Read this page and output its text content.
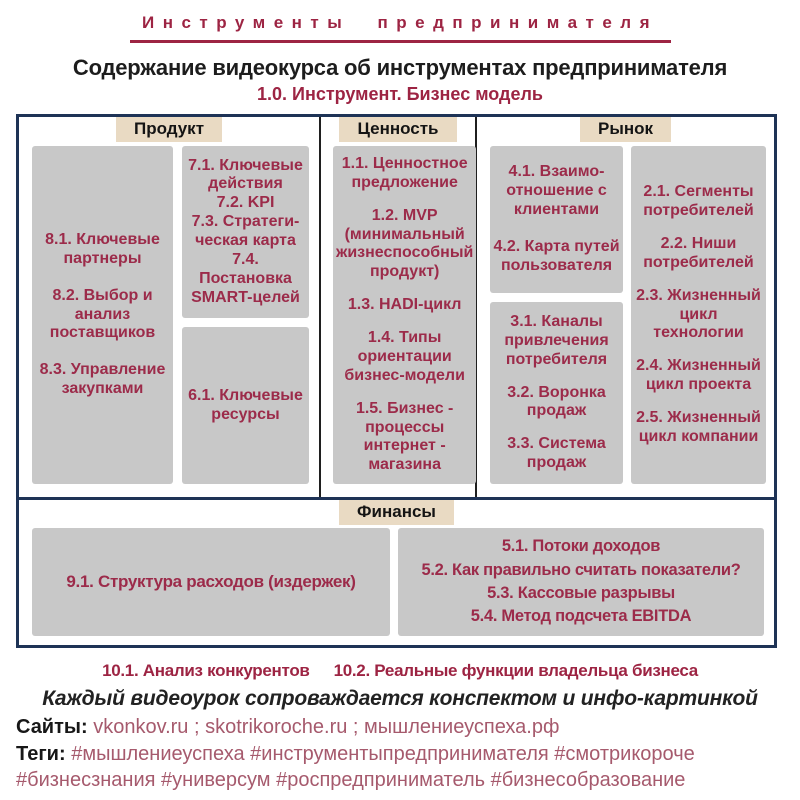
Инструменты предпринимателя
Содержание видеокурса об инструментах предпринимателя
1.0. Инструмент. Бизнес модель
Продукт

8.1. Ключевые партнеры

8.2. Выбор и анализ поставщиков

8.3. Управление закупками

7.1. Ключевые действия

7.2. KPI

7.3. Стратеги-ческая карта

7.4. Постановка SMART-целей

6.1. Ключевые ресурсы

Ценность

1.1. Ценностное предложение

1.2. MVP (минимальный жизнеспособный продукт)

1.3. HADI-цикл

1.4. Типы ориентации бизнес-модели

1.5. Бизнес - процессы интернет - магазина

Рынок

4.1. Взаимо-отношение с клиентами

4.2. Карта путей пользователя

3.1. Каналы привлечения потребителя

3.2. Воронка продаж

3.3. Система продаж

2.1. Сегменты потребителей

2.2. Ниши потребителей

2.3. Жизненный цикл технологии

2.4. Жизненный цикл проекта

2.5. Жизненный цикл компании

Финансы

9.1. Структура расходов (издержек)

5.1. Потоки доходов

5.2. Как правильно считать показатели?

5.3. Кассовые разрывы

5.4. Метод подсчета EBITDA

10.1. Анализ конкурентов 10.2. Реальные функции владельца бизнеса
Каждый видеоурок сопроваждается конспектом и инфо-картинкой
Сайты: vkonkov.ru ; skotrikoroche.ru ; мышлениеуспеха.рф
Теги: #мышлениеуспеха #инструментыпредпринимателя #смотрикороче #бизнесзнания #универсум #роспредприниматель #бизнесобразование
